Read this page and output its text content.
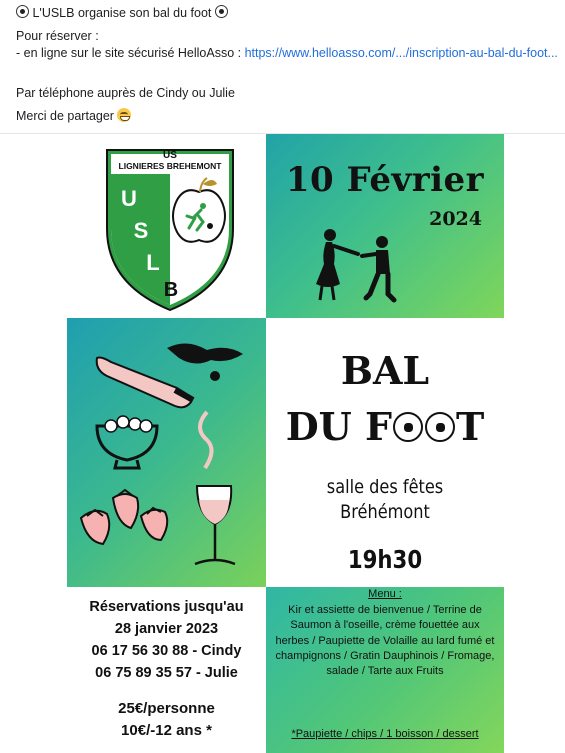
L'USLB organise son bal du foot

Pour réserver :

- en ligne sur le site sécurisé HelloAsso : https://www.helloasso.com/.../inscription-au-bal-du-foot...

Par téléphone auprès de Cindy ou Julie

Merci de partager

US
LIGNIERES BREHEMONT
U
S
L
B
10 Février
2024
BAL
DU F T
salle des fêtes
Bréhémont
19h30
Réservations jusqu'au
28 janvier 2023
06 17 56 30 88 - Cindy
06 75 89 35 57 - Julie
25€/personne
10€/-12 ans *
Menu :
Kir et assiette de bienvenue / Terrine de Saumon à l'oseille, crème fouettée aux herbes / Paupiette de Volaille au lard fumé et champignons / Gratin Dauphinois / Fromage, salade / Tarte aux Fruits
*Paupiette / chips / 1 boisson / dessert
